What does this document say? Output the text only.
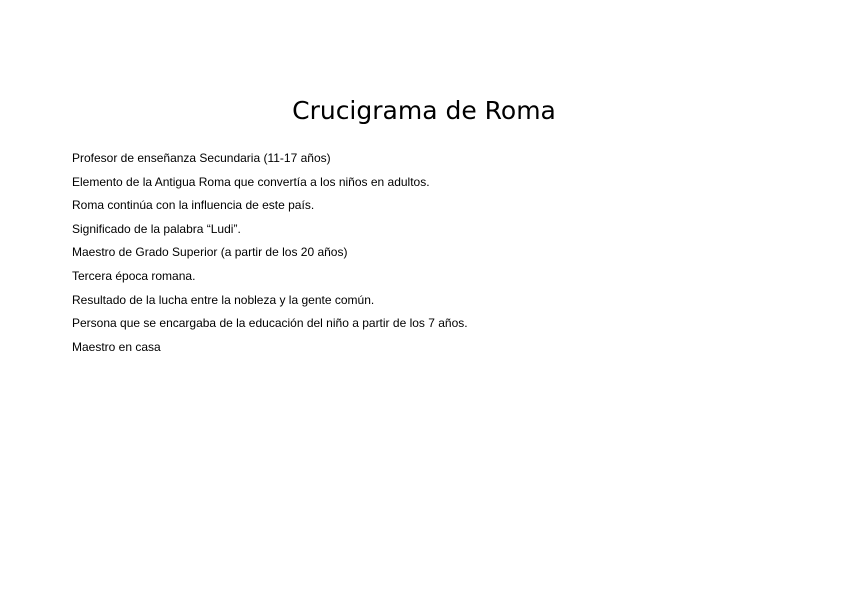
Crucigrama de Roma
Profesor de enseñanza Secundaria (11-17 años)
Elemento de la Antigua Roma que convertía a los niños en adultos.
Roma continúa con la influencia de este país.
Significado de la palabra “Ludi”.
Maestro de Grado Superior (a partir de los 20 años)
Tercera época romana.
Resultado de la lucha entre la nobleza y la gente común.
Persona que se encargaba de la educación del niño a partir de los 7 años.
Maestro en casa
